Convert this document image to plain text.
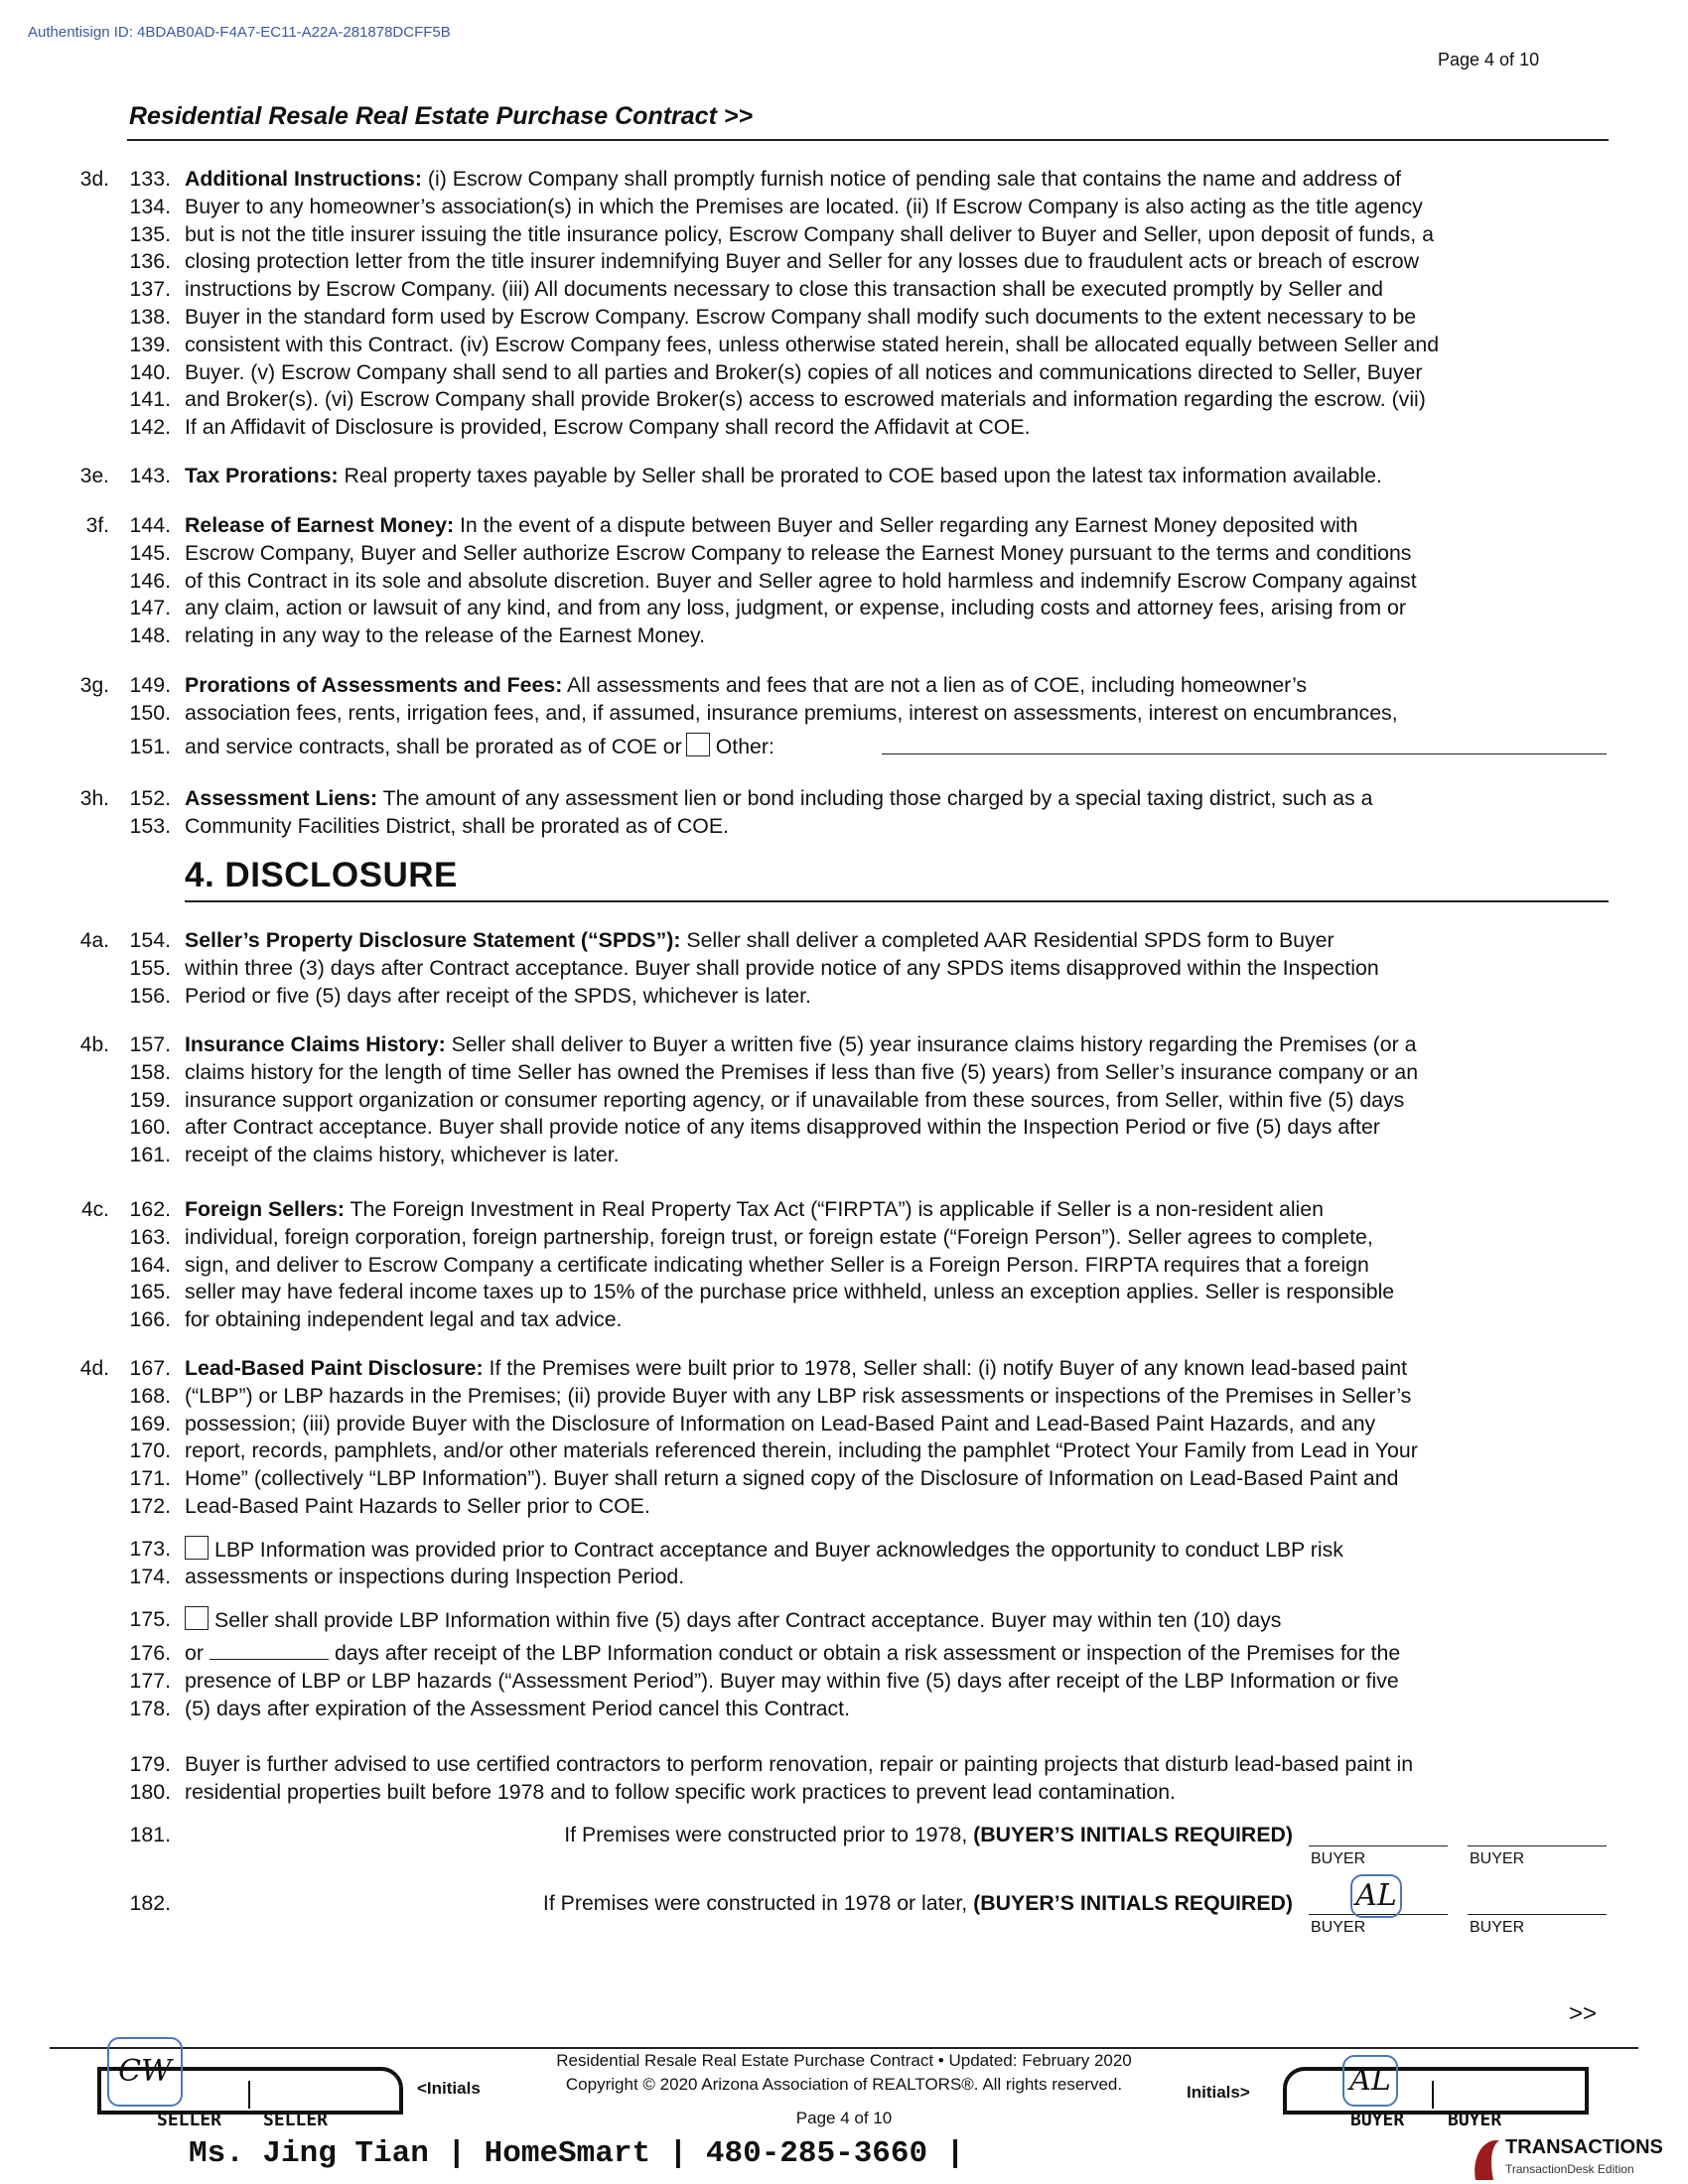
Authentisign ID: 4BDAB0AD-F4A7-EC11-A22A-281878DCFF5B
Page 4 of 10
Residential Resale Real Estate Purchase Contract >>
3d. 133. Additional Instructions: (i) Escrow Company shall promptly furnish notice of pending sale that contains the name and address of
134. Buyer to any homeowner’s association(s) in which the Premises are located. (ii) If Escrow Company is also acting as the title agency
135. but is not the title insurer issuing the title insurance policy, Escrow Company shall deliver to Buyer and Seller, upon deposit of funds, a
136. closing protection letter from the title insurer indemnifying Buyer and Seller for any losses due to fraudulent acts or breach of escrow
137. instructions by Escrow Company. (iii) All documents necessary to close this transaction shall be executed promptly by Seller and
138. Buyer in the standard form used by Escrow Company. Escrow Company shall modify such documents to the extent necessary to be
139. consistent with this Contract. (iv) Escrow Company fees, unless otherwise stated herein, shall be allocated equally between Seller and
140. Buyer. (v) Escrow Company shall send to all parties and Broker(s) copies of all notices and communications directed to Seller, Buyer
141. and Broker(s). (vi) Escrow Company shall provide Broker(s) access to escrowed materials and information regarding the escrow. (vii)
142. If an Affidavit of Disclosure is provided, Escrow Company shall record the Affidavit at COE.
3e. 143. Tax Prorations: Real property taxes payable by Seller shall be prorated to COE based upon the latest tax information available.
3f. 144. Release of Earnest Money: In the event of a dispute between Buyer and Seller regarding any Earnest Money deposited with
145. Escrow Company, Buyer and Seller authorize Escrow Company to release the Earnest Money pursuant to the terms and conditions
146. of this Contract in its sole and absolute discretion. Buyer and Seller agree to hold harmless and indemnify Escrow Company against
147. any claim, action or lawsuit of any kind, and from any loss, judgment, or expense, including costs and attorney fees, arising from or
148. relating in any way to the release of the Earnest Money.
3g. 149. Prorations of Assessments and Fees: All assessments and fees that are not a lien as of COE, including homeowner’s
150. association fees, rents, irrigation fees, and, if assumed, insurance premiums, interest on assessments, interest on encumbrances,
151. and service contracts, shall be prorated as of COE or Other:
3h. 152. Assessment Liens: The amount of any assessment lien or bond including those charged by a special taxing district, such as a
153. Community Facilities District, shall be prorated as of COE.
4. DISCLOSURE
4a. 154. Seller’s Property Disclosure Statement (“SPDS”): Seller shall deliver a completed AAR Residential SPDS form to Buyer
155. within three (3) days after Contract acceptance. Buyer shall provide notice of any SPDS items disapproved within the Inspection
156. Period or five (5) days after receipt of the SPDS, whichever is later.
4b. 157. Insurance Claims History: Seller shall deliver to Buyer a written five (5) year insurance claims history regarding the Premises (or a
158. claims history for the length of time Seller has owned the Premises if less than five (5) years) from Seller’s insurance company or an
159. insurance support organization or consumer reporting agency, or if unavailable from these sources, from Seller, within five (5) days
160. after Contract acceptance. Buyer shall provide notice of any items disapproved within the Inspection Period or five (5) days after
161. receipt of the claims history, whichever is later.
4c. 162. Foreign Sellers: The Foreign Investment in Real Property Tax Act (“FIRPTA”) is applicable if Seller is a non-resident alien
163. individual, foreign corporation, foreign partnership, foreign trust, or foreign estate (“Foreign Person”). Seller agrees to complete,
164. sign, and deliver to Escrow Company a certificate indicating whether Seller is a Foreign Person. FIRPTA requires that a foreign
165. seller may have federal income taxes up to 15% of the purchase price withheld, unless an exception applies. Seller is responsible
166. for obtaining independent legal and tax advice.
4d. 167. Lead-Based Paint Disclosure: If the Premises were built prior to 1978, Seller shall: (i) notify Buyer of any known lead-based paint
168. (“LBP”) or LBP hazards in the Premises; (ii) provide Buyer with any LBP risk assessments or inspections of the Premises in Seller’s
169. possession; (iii) provide Buyer with the Disclosure of Information on Lead-Based Paint and Lead-Based Paint Hazards, and any
170. report, records, pamphlets, and/or other materials referenced therein, including the pamphlet “Protect Your Family from Lead in Your
171. Home” (collectively “LBP Information”). Buyer shall return a signed copy of the Disclosure of Information on Lead-Based Paint and
172. Lead-Based Paint Hazards to Seller prior to COE.
173.	LBP Information was provided prior to Contract acceptance and Buyer acknowledges the opportunity to conduct LBP risk
174. assessments or inspections during Inspection Period.
175.	Seller shall provide LBP Information within five (5) days after Contract acceptance. Buyer may within ten (10) days
176. or	days after receipt of the LBP Information conduct or obtain a risk assessment or inspection of the Premises for the
177. presence of LBP or LBP hazards (“Assessment Period”). Buyer may within five (5) days after receipt of the LBP Information or five
178. (5) days after expiration of the Assessment Period cancel this Contract.
179. Buyer is further advised to use certified contractors to perform renovation, repair or painting projects that disturb lead-based paint in
180. residential properties built before 1978 and to follow specific work practices to prevent lead contamination.
181.	If Premises were constructed prior to 1978, (BUYER’S INITIALS REQUIRED)
BUYER	BUYER
182.	If Premises were constructed in 1978 or later, (BUYER’S INITIALS REQUIRED)
BUYER
AL
BUYER
>>
CW
SELLER SELLER
<Initials
Residential Resale Real Estate Purchase Contract • Updated: February 2020
Copyright © 2020 Arizona Association of REALTORS®. All rights reserved.
Page 4 of 10
Initials>	AL
BUYER BUYER
Ms. Jing Tian | HomeSmart | 480-285-3660 |	TRANSACTIONS
TransactionDesk Edition
